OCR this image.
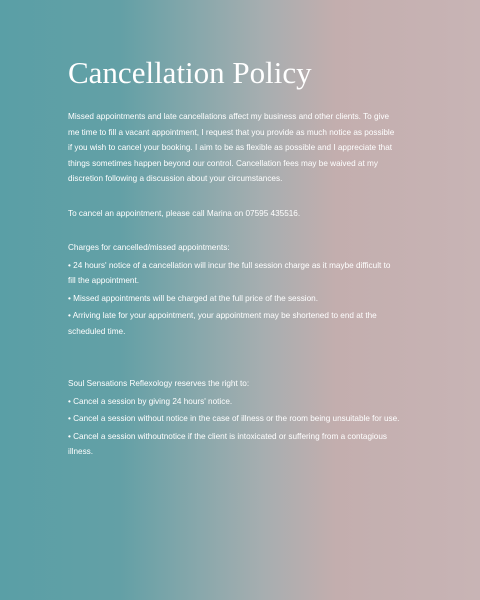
Cancellation Policy

Missed appointments and late cancellations affect my business and other clients. To give me time to fill a vacant appointment, I request that you provide as much notice as possible if you wish to cancel your booking. I aim to be as flexible as possible and I appreciate that things sometimes happen beyond our control. Cancellation fees may be waived at my discretion following a discussion about your circumstances.

To cancel an appointment, please call Marina on 07595 435516.

Charges for cancelled/missed appointments:

• 24 hours' notice of a cancellation will incur the full session charge as it maybe difficult to fill the appointment.

• Missed appointments will be charged at the full price of the session.

• Arriving late for your appointment, your appointment may be shortened to end at the scheduled time.

Soul Sensations Reflexology reserves the right to:

• Cancel a session by giving 24 hours' notice.

• Cancel a session without notice in the case of illness or the room being unsuitable for use.

• Cancel a session withoutnotice if the client is intoxicated or suffering from a contagious illness.
